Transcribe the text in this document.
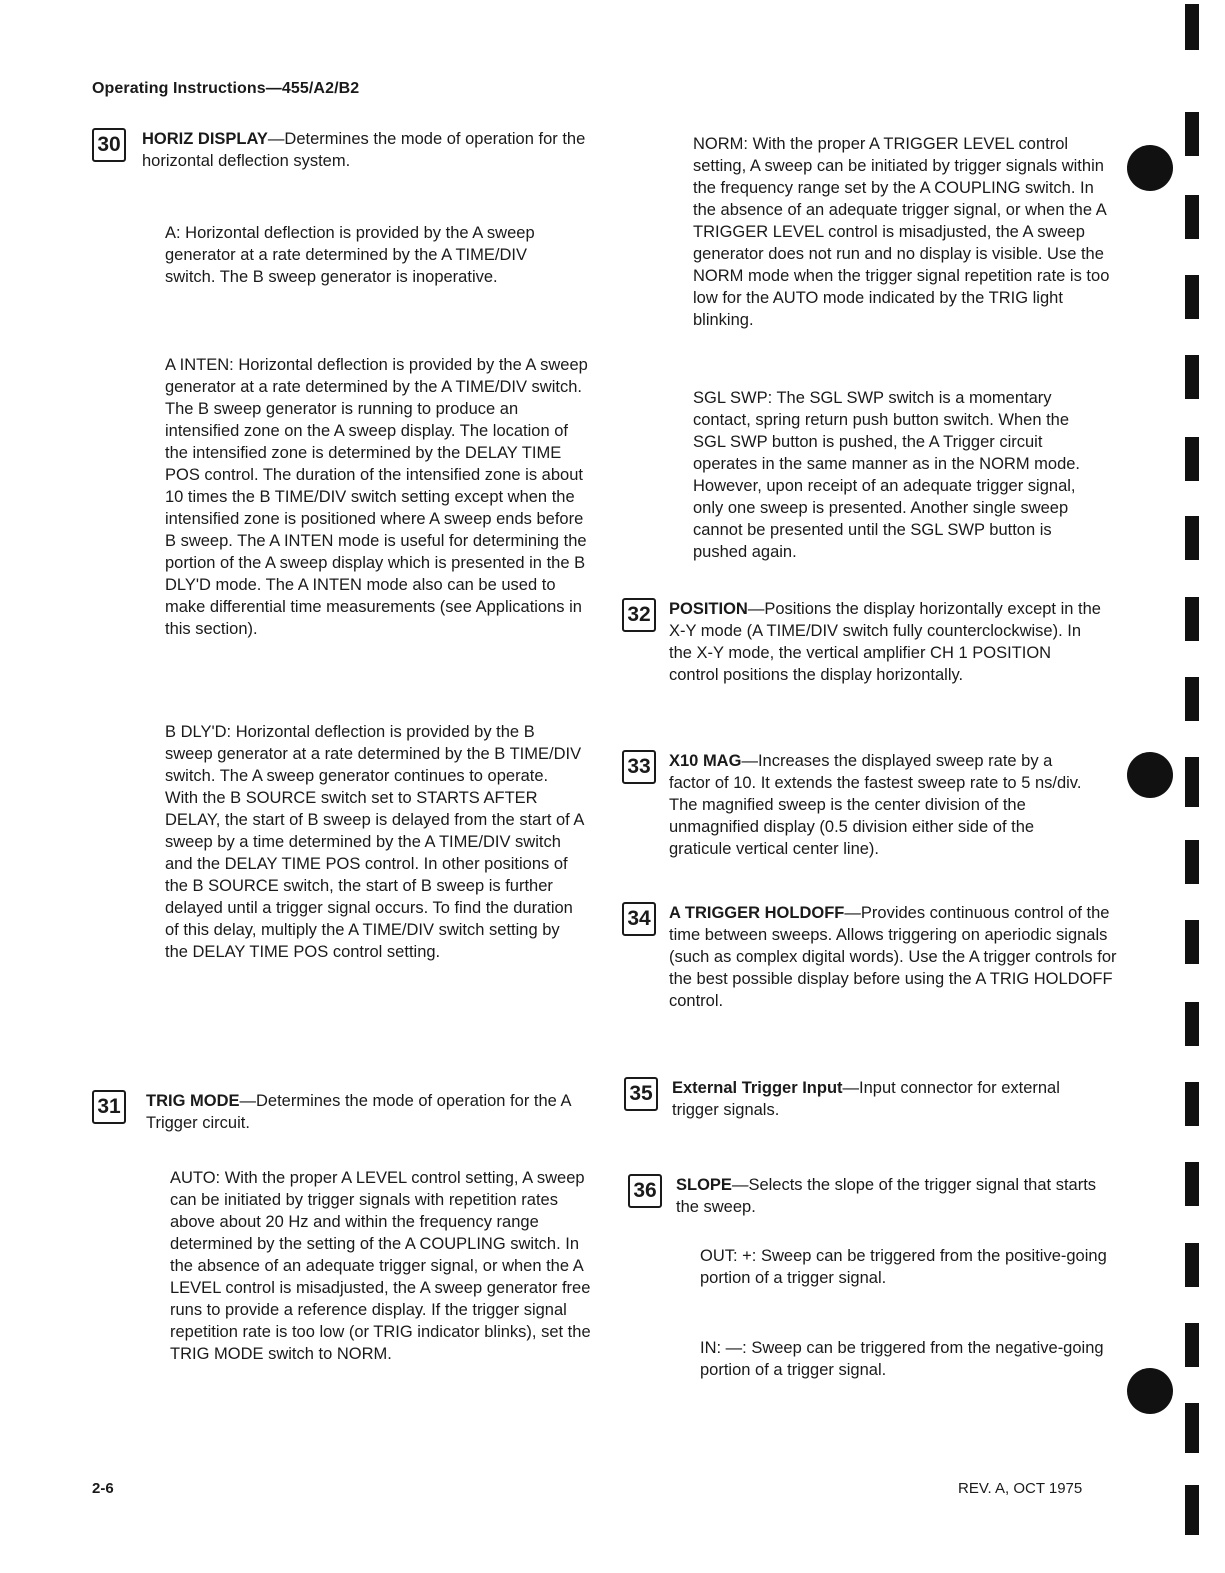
Operating Instructions—455/A2/B2
30	HORIZ DISPLAY—Determines the mode of operation for the horizontal deflection system.
A: Horizontal deflection is provided by the A sweep generator at a rate determined by the A TIME/DIV switch. The B sweep generator is inoperative.
A INTEN: Horizontal deflection is provided by the A sweep generator at a rate determined by the A TIME/DIV switch. The B sweep generator is running to produce an intensified zone on the A sweep display. The location of the intensified zone is determined by the DELAY TIME POS control. The duration of the intensified zone is about 10 times the B TIME/DIV switch setting except when the intensified zone is positioned where A sweep ends before B sweep. The A INTEN mode is useful for determining the portion of the A sweep display which is presented in the B DLY'D mode. The A INTEN mode also can be used to make differential time measurements (see Applications in this section).
B DLY'D: Horizontal deflection is provided by the B sweep generator at a rate determined by the B TIME/DIV switch. The A sweep generator continues to operate. With the B SOURCE switch set to STARTS AFTER DELAY, the start of B sweep is delayed from the start of A sweep by a time determined by the A TIME/DIV switch and the DELAY TIME POS control. In other positions of the B SOURCE switch, the start of B sweep is further delayed until a trigger signal occurs. To find the duration of this delay, multiply the A TIME/DIV switch setting by the DELAY TIME POS control setting.
31	TRIG MODE—Determines the mode of operation for the A Trigger circuit.
AUTO: With the proper A LEVEL control setting, A sweep can be initiated by trigger signals with repetition rates above about 20 Hz and within the frequency range determined by the setting of the A COUPLING switch. In the absence of an adequate trigger signal, or when the A LEVEL control is misadjusted, the A sweep generator free runs to provide a reference display. If the trigger signal repetition rate is too low (or TRIG indicator blinks), set the TRIG MODE switch to NORM.
NORM: With the proper A TRIGGER LEVEL control setting, A sweep can be initiated by trigger signals within the frequency range set by the A COUPLING switch. In the absence of an adequate trigger signal, or when the A TRIGGER LEVEL control is misadjusted, the A sweep generator does not run and no display is visible. Use the NORM mode when the trigger signal repetition rate is too low for the AUTO mode indicated by the TRIG light blinking.
SGL SWP: The SGL SWP switch is a momentary contact, spring return push button switch. When the SGL SWP button is pushed, the A Trigger circuit operates in the same manner as in the NORM mode. However, upon receipt of an adequate trigger signal, only one sweep is presented. Another single sweep cannot be presented until the SGL SWP button is pushed again.
32	POSITION—Positions the display horizontally except in the X-Y mode (A TIME/DIV switch fully counterclockwise). In the X-Y mode, the vertical amplifier CH 1 POSITION control positions the display horizontally.
33	X10 MAG—Increases the displayed sweep rate by a factor of 10. It extends the fastest sweep rate to 5 ns/div. The magnified sweep is the center division of the unmagnified display (0.5 division either side of the graticule vertical center line).
34	A TRIGGER HOLDOFF—Provides continuous control of the time between sweeps. Allows triggering on aperiodic signals (such as complex digital words). Use the A trigger controls for the best possible display before using the A TRIG HOLDOFF control.
35	External Trigger Input—Input connector for external trigger signals.
36	SLOPE—Selects the slope of the trigger signal that starts the sweep.
OUT: +: Sweep can be triggered from the positive-going portion of a trigger signal.
IN: —: Sweep can be triggered from the negative-going portion of a trigger signal.
2-6	REV. A, OCT 1975
